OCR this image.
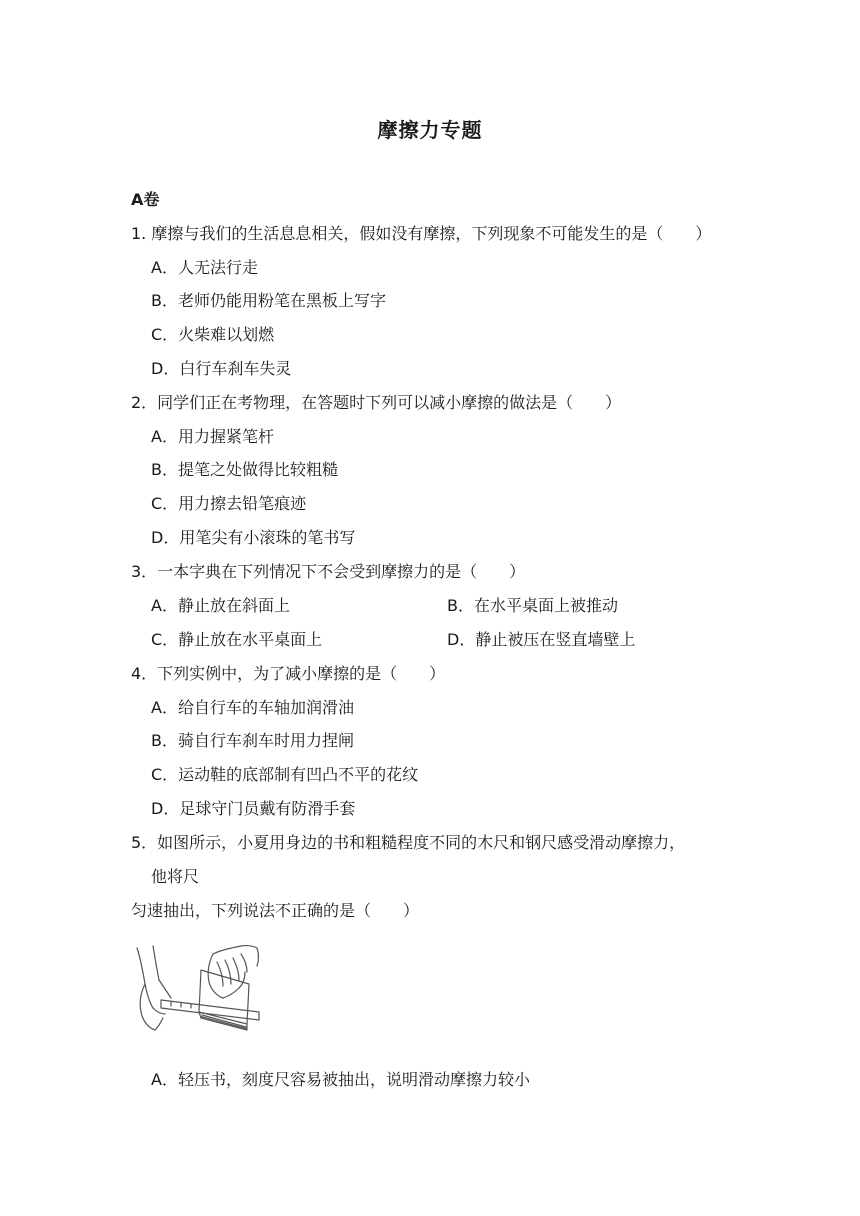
摩擦力专题
A卷
1. 摩擦与我们的生活息息相关，假如没有摩擦，下列现象不可能发生的是（　　）
A．人无法行走
B．老师仍能用粉笔在黑板上写字
C．火柴难以划燃
D．白行车刹车失灵
2．同学们正在考物理，在答题时下列可以减小摩擦的做法是（　　）
A．用力握紧笔杆
B．提笔之处做得比较粗糙
C．用力擦去铅笔痕迹
D．用笔尖有小滚珠的笔书写
3．一本字典在下列情况下不会受到摩擦力的是（　　）
A．静止放在斜面上	B．在水平桌面上被推动
C．静止放在水平桌面上	D．静止被压在竖直墙壁上
4．下列实例中，为了减小摩擦的是（　　）
A．给自行车的车轴加润滑油
B．骑自行车刹车时用力捏闸
C．运动鞋的底部制有凹凸不平的花纹
D．足球守门员戴有防滑手套
5．如图所示，小夏用身边的书和粗糙程度不同的木尺和钢尺感受滑动摩擦力，
他将尺
匀速抽出，下列说法不正确的是（　　）
A．轻压书，刻度尺容易被抽出，说明滑动摩擦力较小
